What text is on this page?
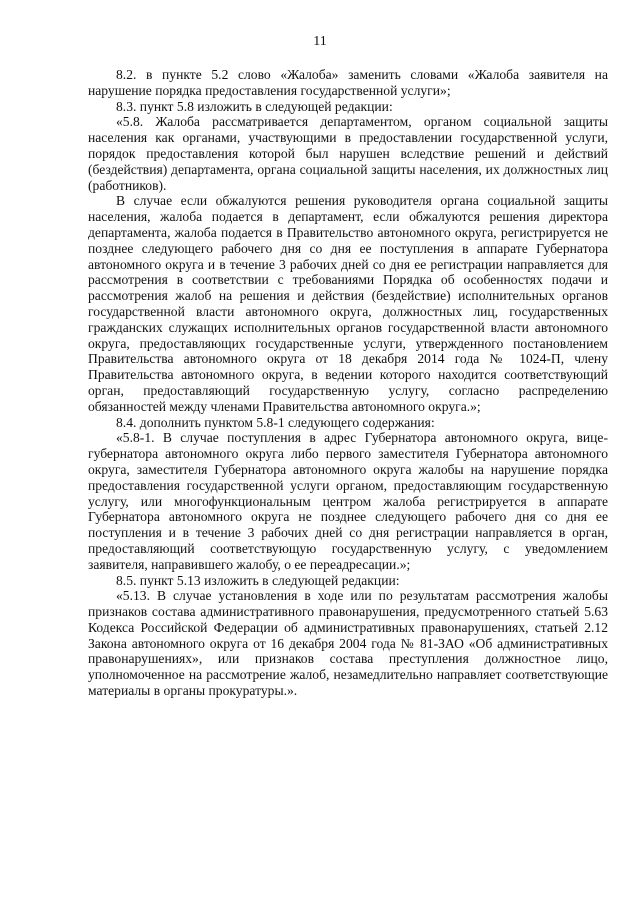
11

8.2. в пункте 5.2 слово «Жалоба» заменить словами «Жалоба заявителя на нарушение порядка предоставления государственной услуги»;

8.3. пункт 5.8 изложить в следующей редакции:

«5.8. Жалоба рассматривается департаментом, органом социальной защиты населения как органами, участвующими в предоставлении государственной услуги, порядок предоставления которой был нарушен вследствие решений и действий (бездействия) департамента, органа социальной защиты населения, их должностных лиц (работников).

В случае если обжалуются решения руководителя органа социальной защиты населения, жалоба подается в департамент, если обжалуются решения директора департамента, жалоба подается в Правительство автономного округа, регистрируется не позднее следующего рабочего дня со дня ее поступления в аппарате Губернатора автономного округа и в течение 3 рабочих дней со дня ее регистрации направляется для рассмотрения в соответствии с требованиями Порядка об особенностях подачи и рассмотрения жалоб на решения и действия (бездействие) исполнительных органов государственной власти автономного округа, должностных лиц, государственных гражданских служащих исполнительных органов государственной власти автономного округа, предоставляющих государственные услуги, утвержденного постановлением Правительства автономного округа от 18 декабря 2014 года № 1024-П, члену Правительства автономного округа, в ведении которого находится соответствующий орган, предоставляющий государственную услугу, согласно распределению обязанностей между членами Правительства автономного округа.»;

8.4. дополнить пунктом 5.8-1 следующего содержания:

«5.8-1. В случае поступления в адрес Губернатора автономного округа, вице-губернатора автономного округа либо первого заместителя Губернатора автономного округа, заместителя Губернатора автономного округа жалобы на нарушение порядка предоставления государственной услуги органом, предоставляющим государственную услугу, или многофункциональным центром жалоба регистрируется в аппарате Губернатора автономного округа не позднее следующего рабочего дня со дня ее поступления и в течение 3 рабочих дней со дня регистрации направляется в орган, предоставляющий соответствующую государственную услугу, с уведомлением заявителя, направившего жалобу, о ее переадресации.»;

8.5. пункт 5.13 изложить в следующей редакции:

«5.13. В случае установления в ходе или по результатам рассмотрения жалобы признаков состава административного правонарушения, предусмотренного статьей 5.63 Кодекса Российской Федерации об административных правонарушениях, статьей 2.12 Закона автономного округа от 16 декабря 2004 года № 81-ЗАО «Об административных правонарушениях», или признаков состава преступления должностное лицо, уполномоченное на рассмотрение жалоб, незамедлительно направляет соответствующие материалы в органы прокуратуры.».
